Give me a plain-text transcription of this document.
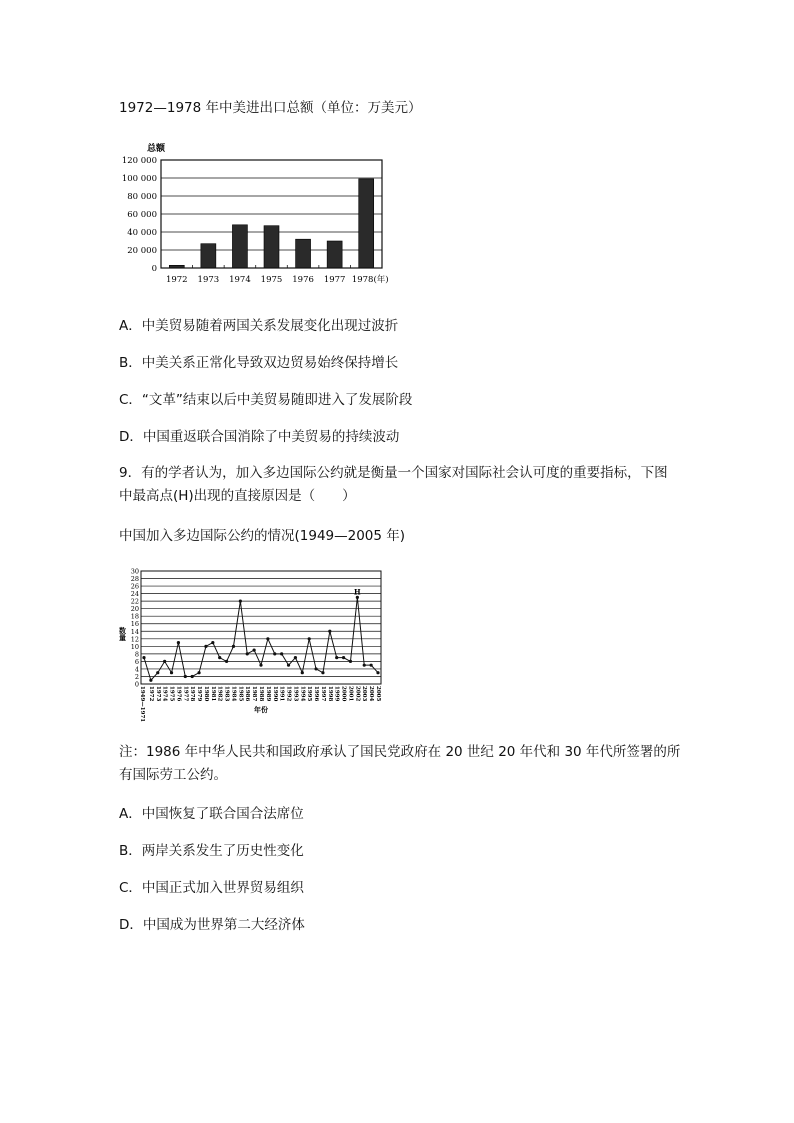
1972—1978 年中美进出口总额（单位：万美元）
总额
0
20 000
40 000
60 000
80 000
100 000
120 000
1972 1973 1974 1975 1976 1977 1978(年)
A．中美贸易随着两国关系发展变化出现过波折
B．中美关系正常化导致双边贸易始终保持增长
C．“文革”结束以后中美贸易随即进入了发展阶段
D．中国重返联合国消除了中美贸易的持续波动
9．有的学者认为，加入多边国际公约就是衡量一个国家对国际社会认可度的重要指标，下图中最高点(H)出现的直接原因是（　　）
中国加入多边国际公约的情况(1949—2005 年)
0
2
4
6
8
10
12
14
16
18
20
22
24
26
28
30
数量
H
1949—1971 1972 1973 1974 1975 1976 1977 1978 1979 1980 1981 1982 1983 1984 1985 1986 1987 1988 1989 1990 1991 1992 1993 1994 1995 1996 1997 1998 1999 2000 2001 2002 2003 2004 2005
年份
注：1986 年中华人民共和国政府承认了国民党政府在 20 世纪 20 年代和 30 年代所签署的所有国际劳工公约。
A．中国恢复了联合国合法席位
B．两岸关系发生了历史性变化
C．中国正式加入世界贸易组织
D．中国成为世界第二大经济体
